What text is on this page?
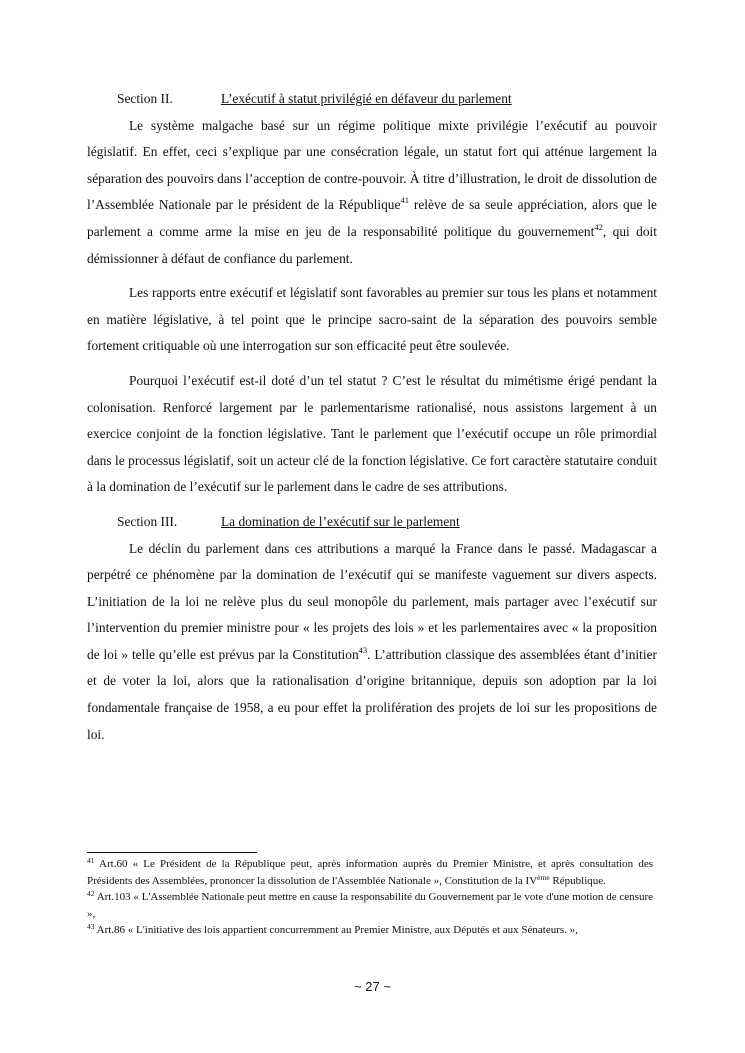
Section II.	L’exécutif à statut privilégié en défaveur du parlement

Le système malgache basé sur un régime politique mixte privilégie l’exécutif au pouvoir législatif. En effet, ceci s’explique par une consécration légale, un statut fort qui atténue largement la séparation des pouvoirs dans l’acception de contre-pouvoir. À titre d’illustration, le droit de dissolution de l’Assemblée Nationale par le président de la République$^{41}$ relève de sa seule appréciation, alors que le parlement a comme arme la mise en jeu de la responsabilité politique du gouvernement$^{42}$, qui doit démissionner à défaut de confiance du parlement.

Les rapports entre exécutif et législatif sont favorables au premier sur tous les plans et notamment en matière législative, à tel point que le principe sacro-saint de la séparation des pouvoirs semble fortement critiquable où une interrogation sur son efficacité peut être soulevée.

Pourquoi l’exécutif est-il doté d’un tel statut ? C’est le résultat du mimétisme érigé pendant la colonisation. Renforcé largement par le parlementarisme rationalisé, nous assistons largement à un exercice conjoint de la fonction législative. Tant le parlement que l’exécutif occupe un rôle primordial dans le processus législatif, soit un acteur clé de la fonction législative. Ce fort caractère statutaire conduit à la domination de l’exécutif sur le parlement dans le cadre de ses attributions.

Section III.	La domination de l’exécutif sur le parlement

Le déclin du parlement dans ces attributions a marqué la France dans le passé. Madagascar a perpétré ce phénomène par la domination de l’exécutif qui se manifeste vaguement sur divers aspects. L’initiation de la loi ne relève plus du seul monopôle du parlement, mais partager avec l’exécutif sur l’intervention du premier ministre pour « les projets des lois » et les parlementaires avec « la proposition de loi » telle qu’elle est prévus par la Constitution$^{43}$. L’attribution classique des assemblées étant d’initier et de voter la loi, alors que la rationalisation d’origine britannique, depuis son adoption par la loi fondamentale française de 1958, a eu pour effet la prolifération des projets de loi sur les propositions de loi.

$^{41}$ Art.60 « Le Président de la République peut, après information auprès du Premier Ministre, et après consultation des Présidents des Assemblées, prononcer la dissolution de l'Assemblée Nationale », Constitution de la IVème République.

$^{42}$ Art.103 « L'Assemblée Nationale peut mettre en cause la responsabilité du Gouvernement par le vote d'une motion de censure »,

$^{43}$ Art.86 « L'initiative des lois appartient concurremment au Premier Ministre, aux Députés et aux Sénateurs. »,

~ 27 ~
